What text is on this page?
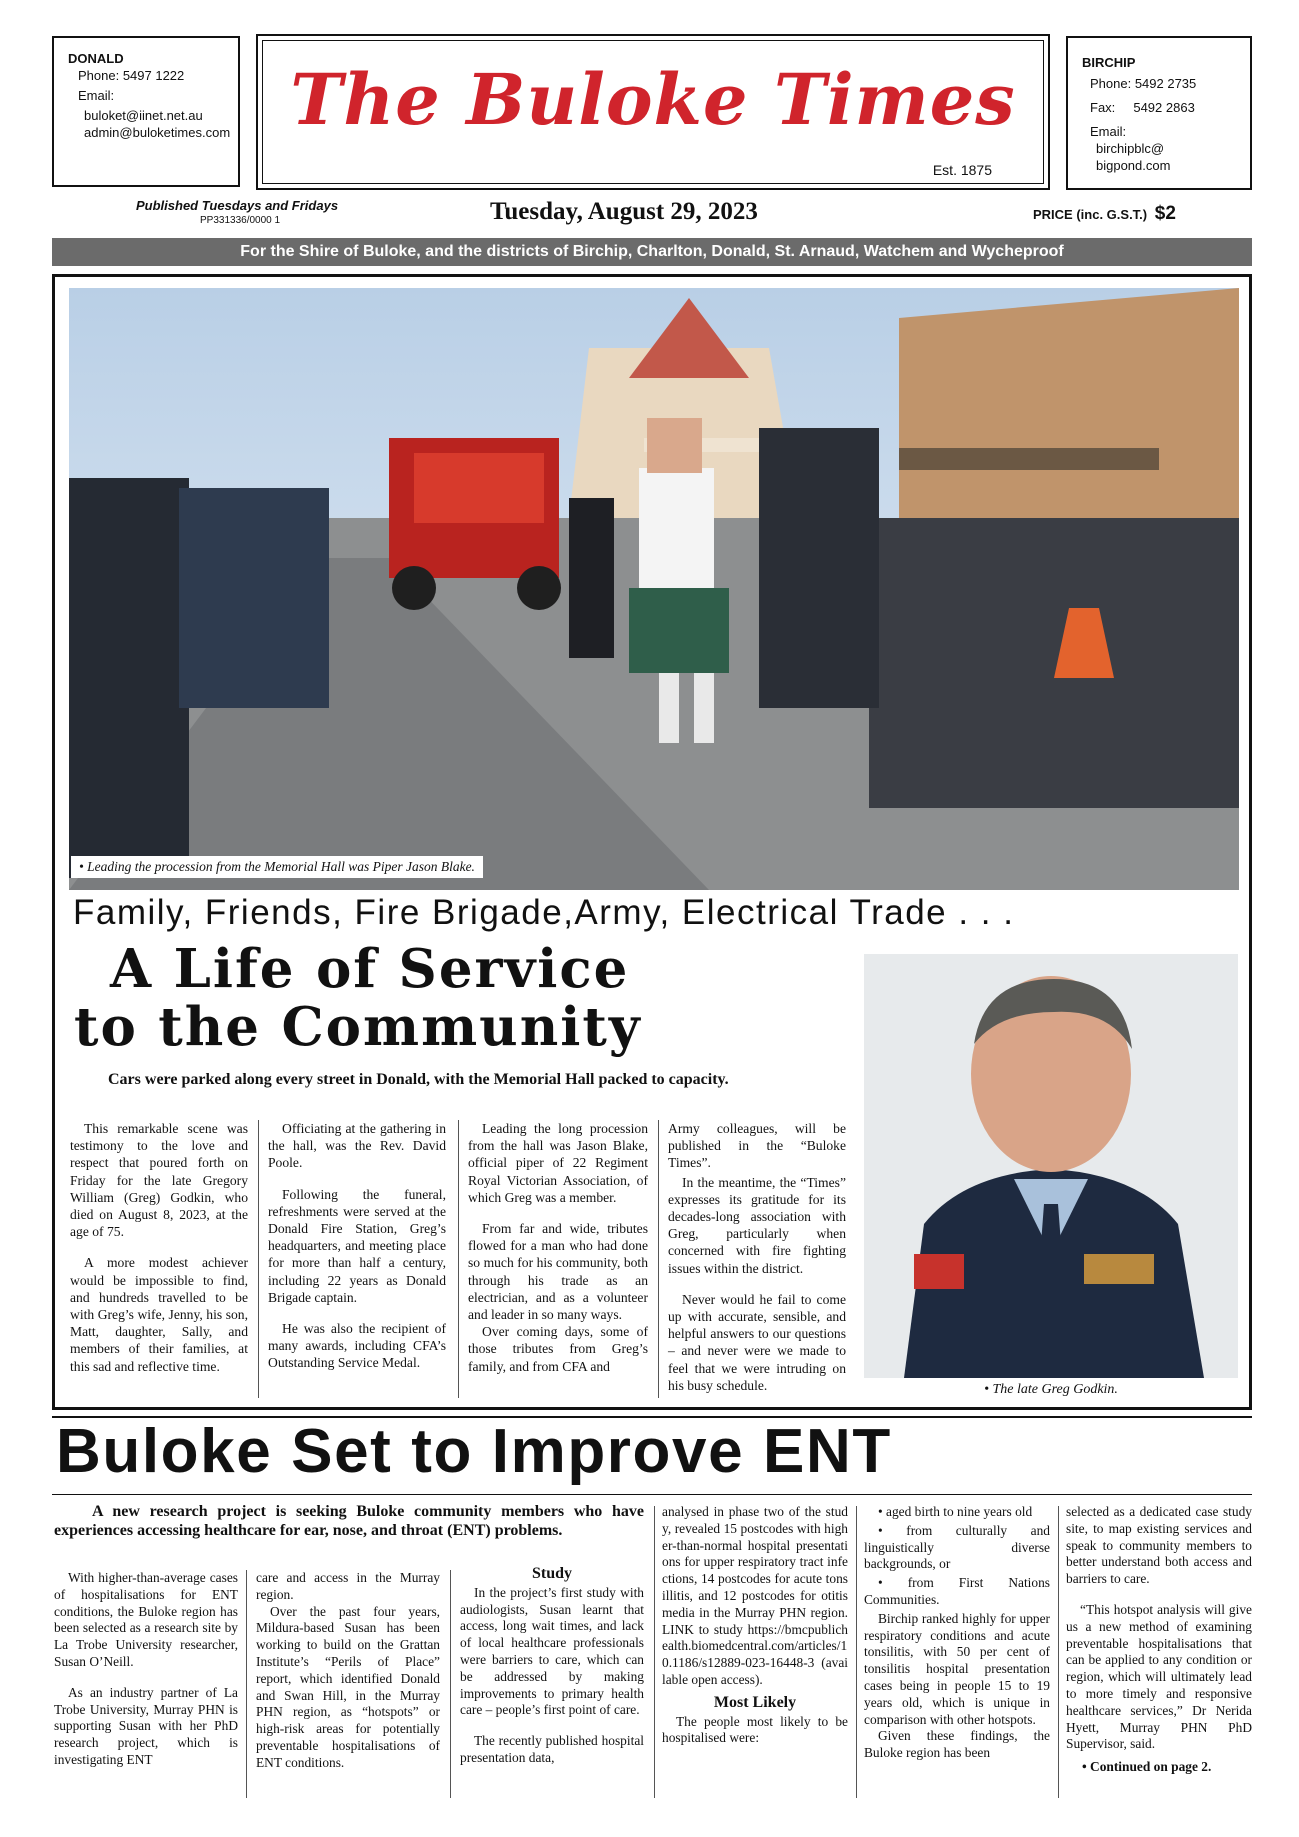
DONALD
Phone: 5497 1222
Email:
buloket@iinet.net.au
admin@buloketimes.com The Buloke Times
Est. 1875
BIRCHIP
Phone: 5492 2735
Fax:     5492 2863
Email:
birchipblc@
bigpond.com
Published Tuesdays and Fridays
PP331336/0000 1	Tuesday, August 29, 2023	PRICE (inc. G.S.T.) $2
For the Shire of Buloke, and the districts of Birchip, Charlton, Donald, St. Arnaud, Watchem and Wycheproof
• Leading the procession from the Memorial Hall was Piper Jason Blake.
Family, Friends, Fire Brigade,Army, Electrical Trade . . .
A Life of Service
to the Community
Cars were parked along every street in Donald, with the Memorial Hall packed to capacity.

This remarkable scene was testimony to the love and respect that poured forth on Friday for the late Gregory William (Greg) Godkin, who died on August 8, 2023, at the age of 75.

A more modest achiever would be impossible to find, and hundreds travelled to be with Greg’s wife, Jenny, his son, Matt, daughter, Sally, and members of their families, at this sad and reflective time.

Officiating at the gathering in the hall, was the Rev. David Poole.

Following the funeral, refreshments were served at the Donald Fire Station, Greg’s headquarters, and meeting place for more than half a century, including 22 years as Donald Brigade captain.

He was also the recipient of many awards, including CFA’s Outstanding Service Medal.

Leading the long procession from the hall was Jason Blake, official piper of 22 Regiment Royal Victorian Association, of which Greg was a member.

From far and wide, tributes flowed for a man who had done so much for his community, both through his trade as an electrician, and as a volunteer and leader in so many ways.

Over coming days, some of those tributes from Greg’s family, and from CFA and

Army colleagues, will be published in the “Buloke Times”.

In the meantime, the “Times” expresses its gratitude for its decades-long association with Greg, particularly when concerned with fire fighting issues within the district.

Never would he fail to come up with accurate, sensible, and helpful answers to our questions – and never were we made to feel that we were intruding on his busy schedule.	• The late Greg Godkin.
Buloke Set to Improve ENT
A new research project is seeking Buloke community members who have experiences accessing healthcare for ear, nose, and throat (ENT) problems.

With higher-than-average cases of hospitalisations for ENT conditions, the Buloke region has been selected as a research site by La Trobe University researcher, Susan O’Neill.

As an industry partner of La Trobe University, Murray PHN is supporting Susan with her PhD research project, which is investigating ENT

care and access in the Murray region.

Over the past four years, Mildura-based Susan has been working to build on the Grattan Institute’s “Perils of Place” report, which identified Donald and Swan Hill, in the Murray PHN region, as “hotspots” or high-risk areas for potentially preventable hospitalisations of ENT conditions.

Study

In the project’s first study with audiologists, Susan learnt that access, long wait times, and lack of local healthcare professionals were barriers to care, which can be addressed by making improvements to primary health care – people’s first point of care.

The recently published hospital presentation data,

analysed in phase two of the study, revealed 15 postcodes with higher-than-normal hospital presentations for upper respiratory tract infections, 14 postcodes for acute tonsillitis, and 12 postcodes for otitis media in the Murray PHN region. LINK to study https://bmcpublichealth.biomedcentral.com/articles/10.1186/s12889-023-16448-3 (available open access).

Most Likely

The people most likely to be hospitalised were:

• aged birth to nine years old

• from culturally and linguistically diverse backgrounds, or

• from First Nations Communities.

Birchip ranked highly for upper respiratory conditions and acute tonsilitis, with 50 per cent of tonsilitis hospital presentation cases being in people 15 to 19 years old, which is unique in comparison with other hotspots.

Given these findings, the Buloke region has been

selected as a dedicated case study site, to map existing services and speak to community members to better understand both access and barriers to care.

“This hotspot analysis will give us a new method of examining preventable hospitalisations that can be applied to any condition or region, which will ultimately lead to more timely and responsive healthcare services,” Dr Nerida Hyett, Murray PHN PhD Supervisor, said.

• Continued on page 2.
